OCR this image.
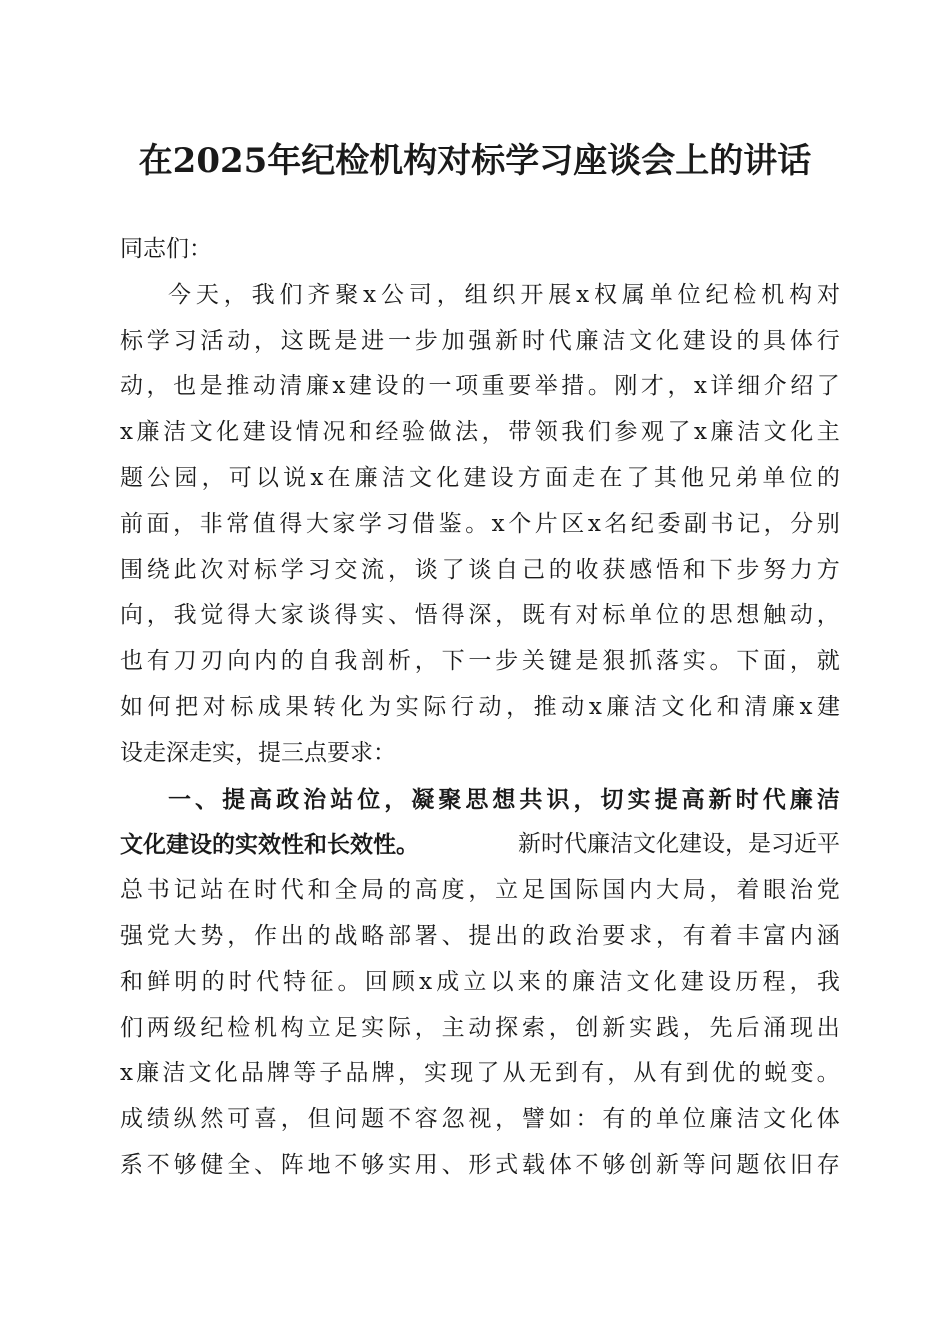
在2025年纪检机构对标学习座谈会上的讲话
同志们：
今 天 ， 我 们 齐 聚 x 公 司 ， 组 织 开 展 x 权 属 单 位 纪 检 机 构 对
标 学 习 活 动 ， 这 既 是 进 一 步 加 强 新 时 代 廉 洁 文 化 建 设 的 具 体 行
动 ， 也 是 推 动 清 廉 x 建 设 的 一 项 重 要 举 措 。 刚 才 ， x 详 细 介 绍 了
x 廉 洁 文 化 建 设 情 况 和 经 验 做 法 ， 带 领 我 们 参 观 了 x 廉 洁 文 化 主
题 公 园 ， 可 以 说 x 在 廉 洁 文 化 建 设 方 面 走 在 了 其 他 兄 弟 单 位 的
前 面 ， 非 常 值 得 大 家 学 习 借 鉴 。 x 个 片 区 x 名 纪 委 副 书 记 ， 分 别
围 绕 此 次 对 标 学 习 交 流 ， 谈 了 谈 自 己 的 收 获 感 悟 和 下 步 努 力 方
向 ， 我 觉 得 大 家 谈 得 实 、 悟 得 深 ， 既 有 对 标 单 位 的 思 想 触 动 ，
也 有 刀 刃 向 内 的 自 我 剖 析 ， 下 一 步 关 键 是 狠 抓 落 实 。 下 面 ， 就
如 何 把 对 标 成 果 转 化 为 实 际 行 动 ， 推 动 x 廉 洁 文 化 和 清 廉 x 建
设走深走实，提三点要求：
一 、 提 高 政 治 站 位 ， 凝 聚 思 想 共 识 ， 切 实 提 高 新 时 代 廉 洁
文化建设的实效性和长效性。	新时代廉洁文化建设，是习近平
总 书 记 站 在 时 代 和 全 局 的 高 度 ， 立 足 国 际 国 内 大 局 ， 着 眼 治 党
强 党 大 势 ， 作 出 的 战 略 部 署 、 提 出 的 政 治 要 求 ， 有 着 丰 富 内 涵
和 鲜 明 的 时 代 特 征 。 回 顾 x 成 立 以 来 的 廉 洁 文 化 建 设 历 程 ， 我
们 两 级 纪 检 机 构 立 足 实 际 ， 主 动 探 索 ， 创 新 实 践 ， 先 后 涌 现 出
x 廉 洁 文 化 品 牌 等 子 品 牌 ， 实 现 了 从 无 到 有 ， 从 有 到 优 的 蜕 变 。
成 绩 纵 然 可 喜 ， 但 问 题 不 容 忽 视 ， 譬 如 ： 有 的 单 位 廉 洁 文 化 体
系 不 够 健 全 、 阵 地 不 够 实 用 、 形 式 载 体 不 够 创 新 等 问 题 依 旧 存
